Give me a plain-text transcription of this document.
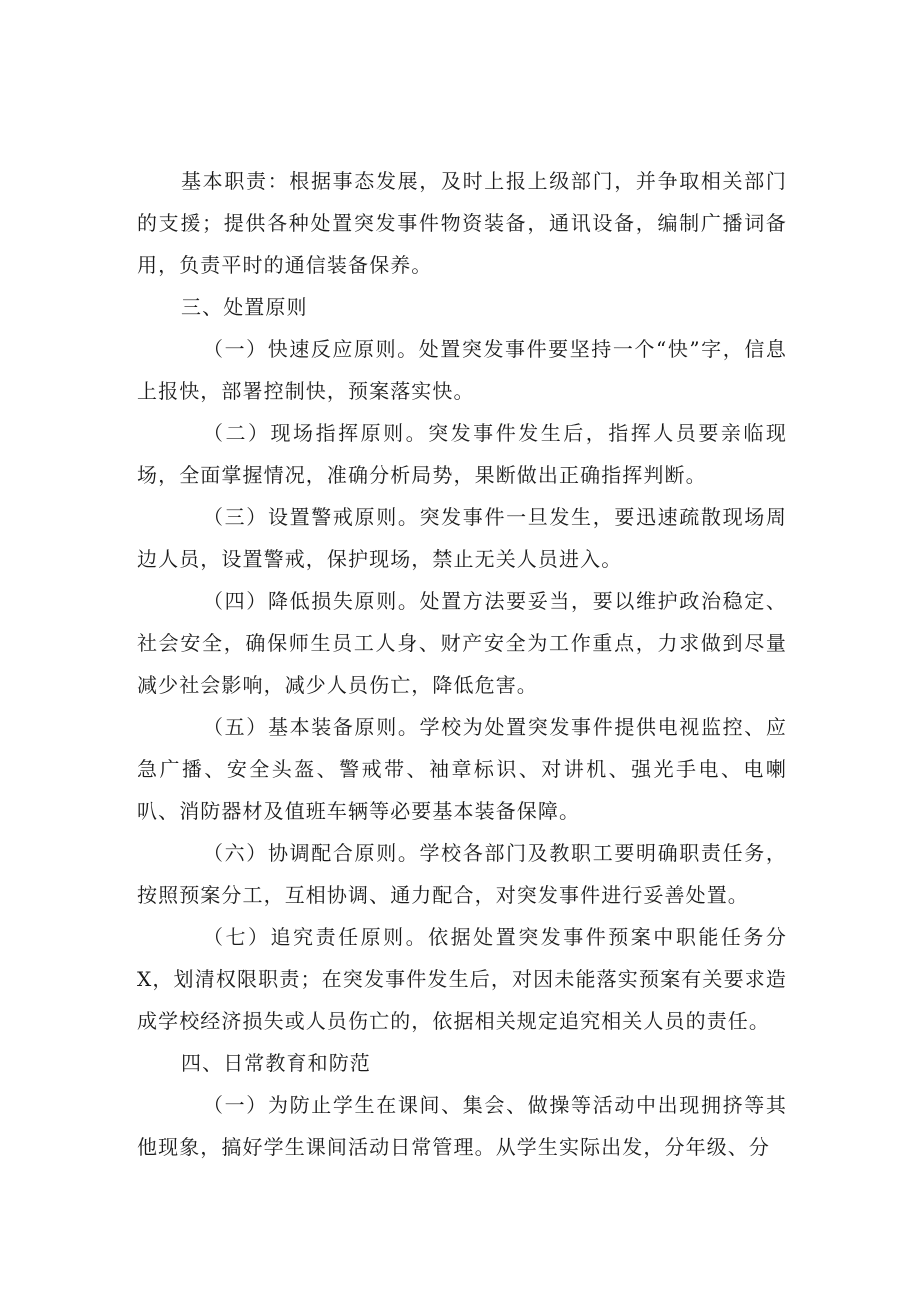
基本职责：根据事态发展，及时上报上级部门，并争取相关部门的支援；提供各种处置突发事件物资装备，通讯设备，编制广播词备用，负责平时的通信装备保养。

三、处置原则

（一）快速反应原则。处置突发事件要坚持一个“快”字，信息上报快，部署控制快，预案落实快。

（二）现场指挥原则。突发事件发生后，指挥人员要亲临现场，全面掌握情况，准确分析局势，果断做出正确指挥判断。

（三）设置警戒原则。突发事件一旦发生，要迅速疏散现场周边人员，设置警戒，保护现场，禁止无关人员进入。

（四）降低损失原则。处置方法要妥当，要以维护政治稳定、社会安全，确保师生员工人身、财产安全为工作重点，力求做到尽量减少社会影响，减少人员伤亡，降低危害。

（五）基本装备原则。学校为处置突发事件提供电视监控、应急广播、安全头盔、警戒带、袖章标识、对讲机、强光手电、电喇叭、消防器材及值班车辆等必要基本装备保障。

（六）协调配合原则。学校各部门及教职工要明确职责任务，按照预案分工，互相协调、通力配合，对突发事件进行妥善处置。

（七）追究责任原则。依据处置突发事件预案中职能任务分X，划清权限职责；在突发事件发生后，对因未能落实预案有关要求造成学校经济损失或人员伤亡的，依据相关规定追究相关人员的责任。

四、日常教育和防范

（一）为防止学生在课间、集会、做操等活动中出现拥挤等其他现象，搞好学生课间活动日常管理。从学生实际出发，分年级、分
